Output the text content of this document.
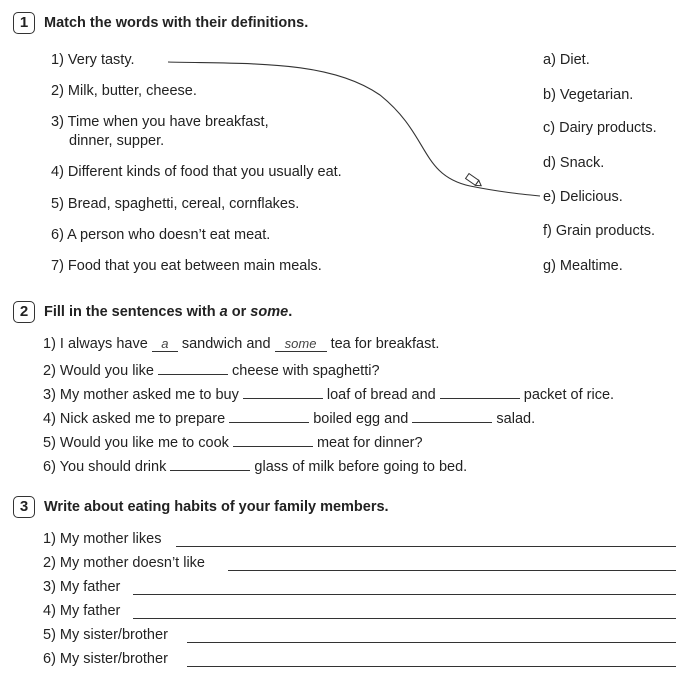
1	Match the words with their definitions.
1) Very tasty.
2) Milk, butter, cheese.
3) Time when you have breakfast,
dinner, supper.
4) Different kinds of food that you usually eat.
5) Bread, spaghetti, cereal, cornflakes.
6) A person who doesn’t eat meat.
7) Food that you eat between main meals.
a) Diet.
b) Vegetarian.
c) Dairy products.
d) Snack.
e) Delicious.
f) Grain products.
g) Mealtime.
2	Fill in the sentences with a or some.
1) I always have a sandwich and some tea for breakfast.
2) Would you like	cheese with spaghetti?
3) My mother asked me to buy	loaf of bread and	packet of rice.
4) Nick asked me to prepare	boiled egg and	salad.
5) Would you like me to cook	meat for dinner?
6) You should drink	glass of milk before going to bed.
3	Write about eating habits of your family members.
1) My mother likes
2) My mother doesn’t like
3) My father
4) My father
5) My sister/brother
6) My sister/brother
